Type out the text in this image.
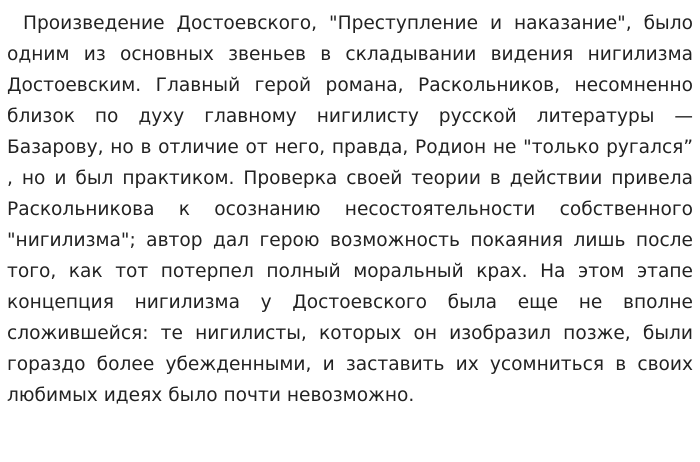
Произведение Достоевского, "Преступление и наказание", было одним из основных звеньев в складывании видения нигилизма Достоевским. Главный герой романа, Раскольников, несомненно близок по духу главному нигилисту русской литературы — Базарову, но в отличие от него, правда, Родион не "только ругался” , но и был практиком. Проверка своей теории в действии привела Раскольникова к осознанию несостоятельности собственного "нигилизма"; автор дал герою возможность покаяния лишь после того, как тот потерпел полный моральный крах. На этом этапе концепция нигилизма у Достоевского была еще не вполне сложившейся: те нигилисты, которых он изобразил позже, были гораздо более убежденными, и заставить их усомниться в своих любимых идеях было почти невозможно.
